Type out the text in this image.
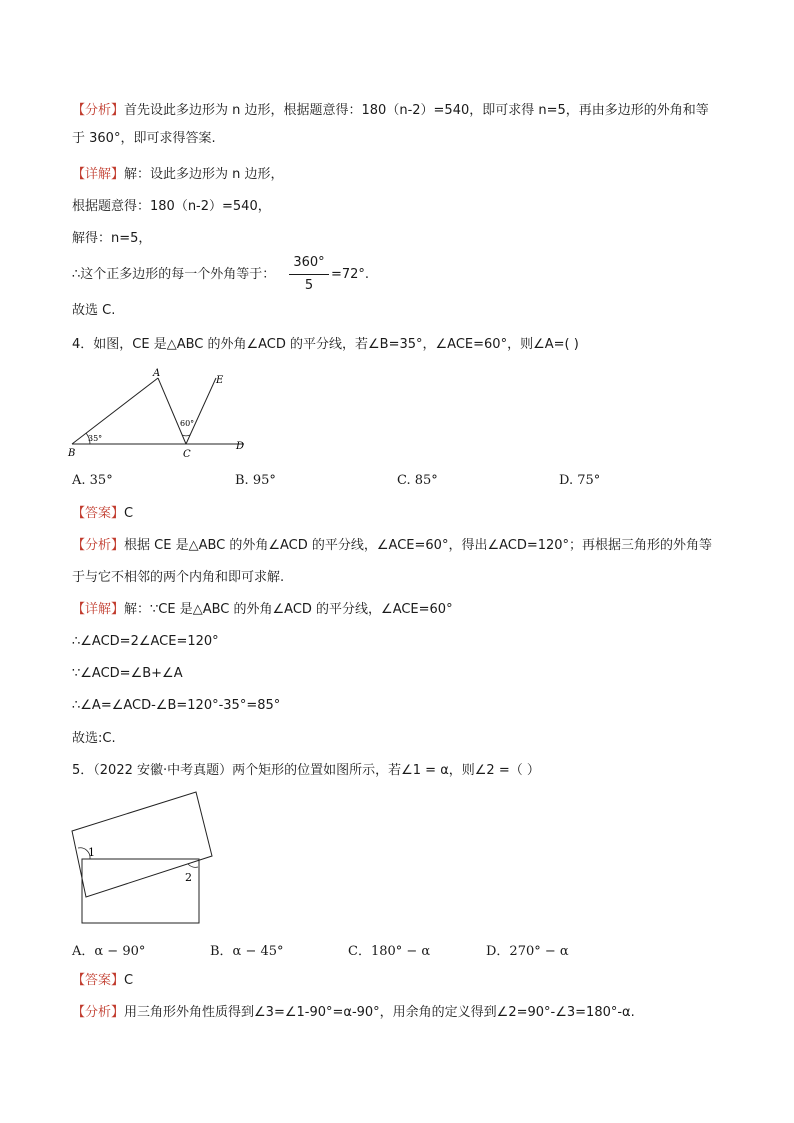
【分析】首先设此多边形为 n 边形，根据题意得：180（n-2）=540，即可求得 n=5，再由多边形的外角和等
于 360°，即可求得答案.
【详解】解：设此多边形为 n 边形，
根据题意得：180（n-2）=540，
解得：n=5，
∴这个正多边形的每一个外角等于： $\frac{360^\circ}{5} =72^\circ$.
故选 C.
4．如图，CE 是△ABC 的外角∠ACD 的平分线，若∠B=35°，∠ACE=60°，则∠A=( )
A
B	C
D
E
35°
60°
A. 35°	B. 95°	C. 85°	D. 75°
【答案】C
【分析】根据 CE 是△ABC 的外角∠ACD 的平分线，∠ACE=60°，得出∠ACD=120°；再根据三角形的外角等
于与它不相邻的两个内角和即可求解.
【详解】解：∵CE 是△ABC 的外角∠ACD 的平分线，∠ACE=60°
∴∠ACD=2∠ACE=120°
∵∠ACD=∠B+∠A
∴∠A=∠ACD-∠B=120°-35°=85°
故选:C.
5．（2022 安徽·中考真题）两个矩形的位置如图所示，若∠1 = α，则∠2 =（ ）
1
2
A．α − 90°	B．α − 45°	C．180° − α	D．270° − α
【答案】C
【分析】用三角形外角性质得到∠3=∠1-90°=α-90°，用余角的定义得到∠2=90°-∠3=180°-α.
